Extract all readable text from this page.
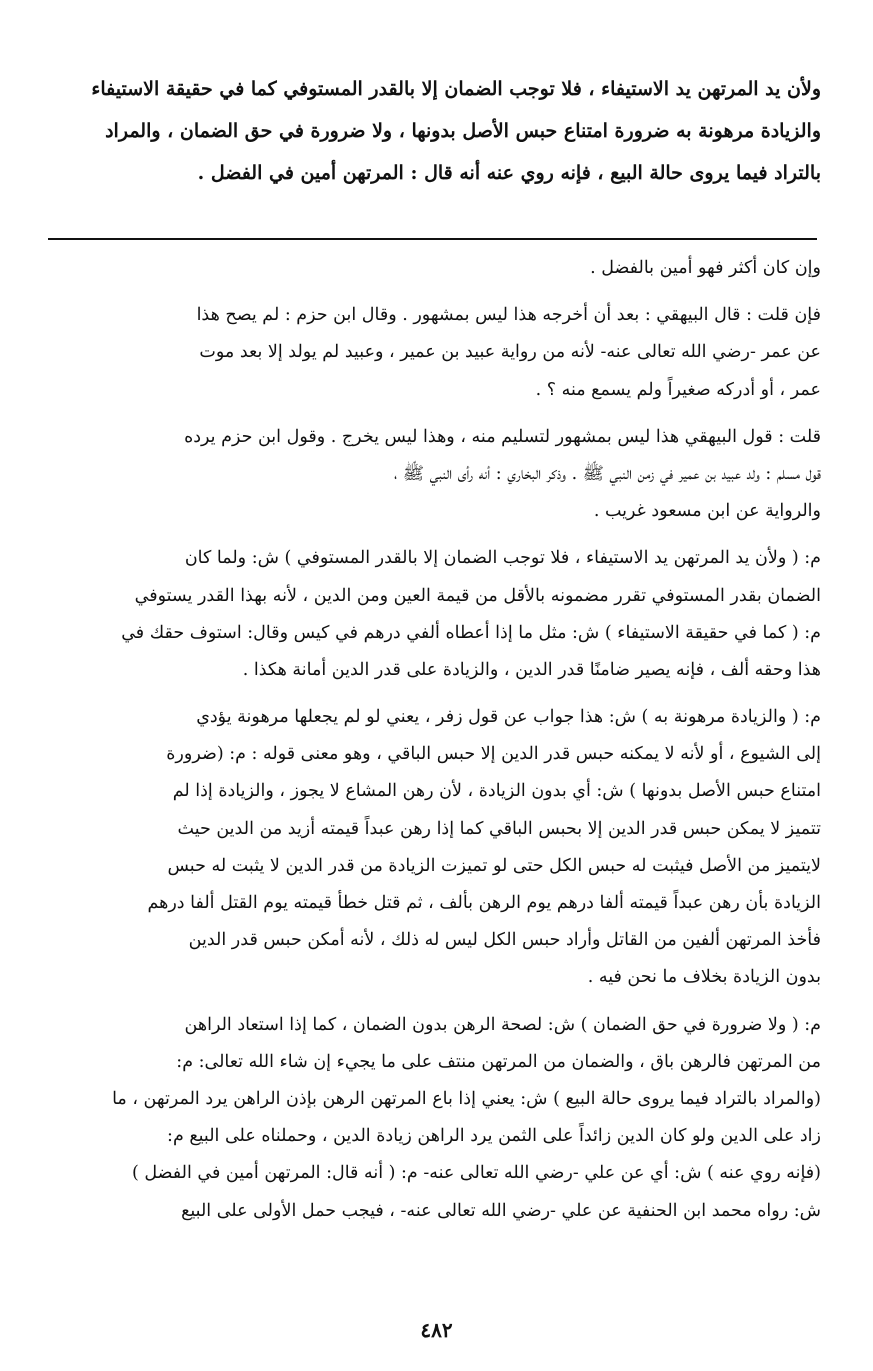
ولأن يد المرتهن يد الاستيفاء ، فلا توجب الضمان إلا بالقدر المستوفي كما في حقيقة الاستيفاء
والزيادة مرهونة به ضرورة امتناع حبس الأصل بدونها ، ولا ضرورة في حق الضمان ، والمراد
بالتراد فيما يروى حالة البيع ، فإنه روي عنه أنه قال : المرتهن أمين في الفضل .
وإن كان أكثر فهو أمين بالفضل .
فإن قلت : قال البيهقي : بعد أن أخرجه هذا ليس بمشهور . وقال ابن حزم : لم يصح هذا
عن عمر -رضي الله تعالى عنه- لأنه من رواية عبيد بن عمير ، وعبيد لم يولد إلا بعد موت
عمر ، أو أدركه صغيراً ولم يسمع منه ؟ .
قلت : قول البيهقي هذا ليس بمشهور لتسليم منه ، وهذا ليس يخرج . وقول ابن حزم يرده
قول مسلم : ولد عبيد بن عمير في زمن النبي ﷺ . وذكر البخاري : أنه رأى النبي ﷺ ،
والرواية عن ابن مسعود غريب .
م: ( ولأن يد المرتهن يد الاستيفاء ، فلا توجب الضمان إلا بالقدر المستوفي ) ش: ولما كان
الضمان بقدر المستوفي تقرر مضمونه بالأقل من قيمة العين ومن الدين ، لأنه بهذا القدر يستوفي
م: ( كما في حقيقة الاستيفاء ) ش: مثل ما إذا أعطاه ألفي درهم في كيس وقال: استوف حقك في
هذا وحقه ألف ، فإنه يصير ضامنًا قدر الدين ، والزيادة على قدر الدين أمانة هكذا .
م: ( والزيادة مرهونة به ) ش: هذا جواب عن قول زفر ، يعني لو لم يجعلها مرهونة يؤدي
إلى الشيوع ، أو لأنه لا يمكنه حبس قدر الدين إلا حبس الباقي ، وهو معنى قوله : م: (ضرورة
امتناع حبس الأصل بدونها ) ش: أي بدون الزيادة ، لأن رهن المشاع لا يجوز ، والزيادة إذا لم
تتميز لا يمكن حبس قدر الدين إلا بحبس الباقي كما إذا رهن عبداً قيمته أزيد من الدين حيث
لايتميز من الأصل فيثبت له حبس الكل حتى لو تميزت الزيادة من قدر الدين لا يثبت له حبس
الزيادة بأن رهن عبداً قيمته ألفا درهم يوم الرهن بألف ، ثم قتل خطأ قيمته يوم القتل ألفا درهم
فأخذ المرتهن ألفين من القاتل وأراد حبس الكل ليس له ذلك ، لأنه أمكن حبس قدر الدين
بدون الزيادة بخلاف ما نحن فيه .
م: ( ولا ضرورة في حق الضمان ) ش: لصحة الرهن بدون الضمان ، كما إذا استعاد الراهن
من المرتهن فالرهن باق ، والضمان من المرتهن منتف على ما يجيء إن شاء الله تعالى: م:
(والمراد بالتراد فيما يروى حالة البيع ) ش: يعني إذا باع المرتهن الرهن بإذن الراهن يرد المرتهن ، ما
زاد على الدين ولو كان الدين زائداً على الثمن يرد الراهن زيادة الدين ، وحملناه على البيع م:
(فإنه روي عنه ) ش: أي عن علي -رضي الله تعالى عنه- م: ( أنه قال: المرتهن أمين في الفضل )
ش: رواه محمد ابن الحنفية عن علي -رضي الله تعالى عنه- ، فيجب حمل الأولى على البيع
٤٨٢
